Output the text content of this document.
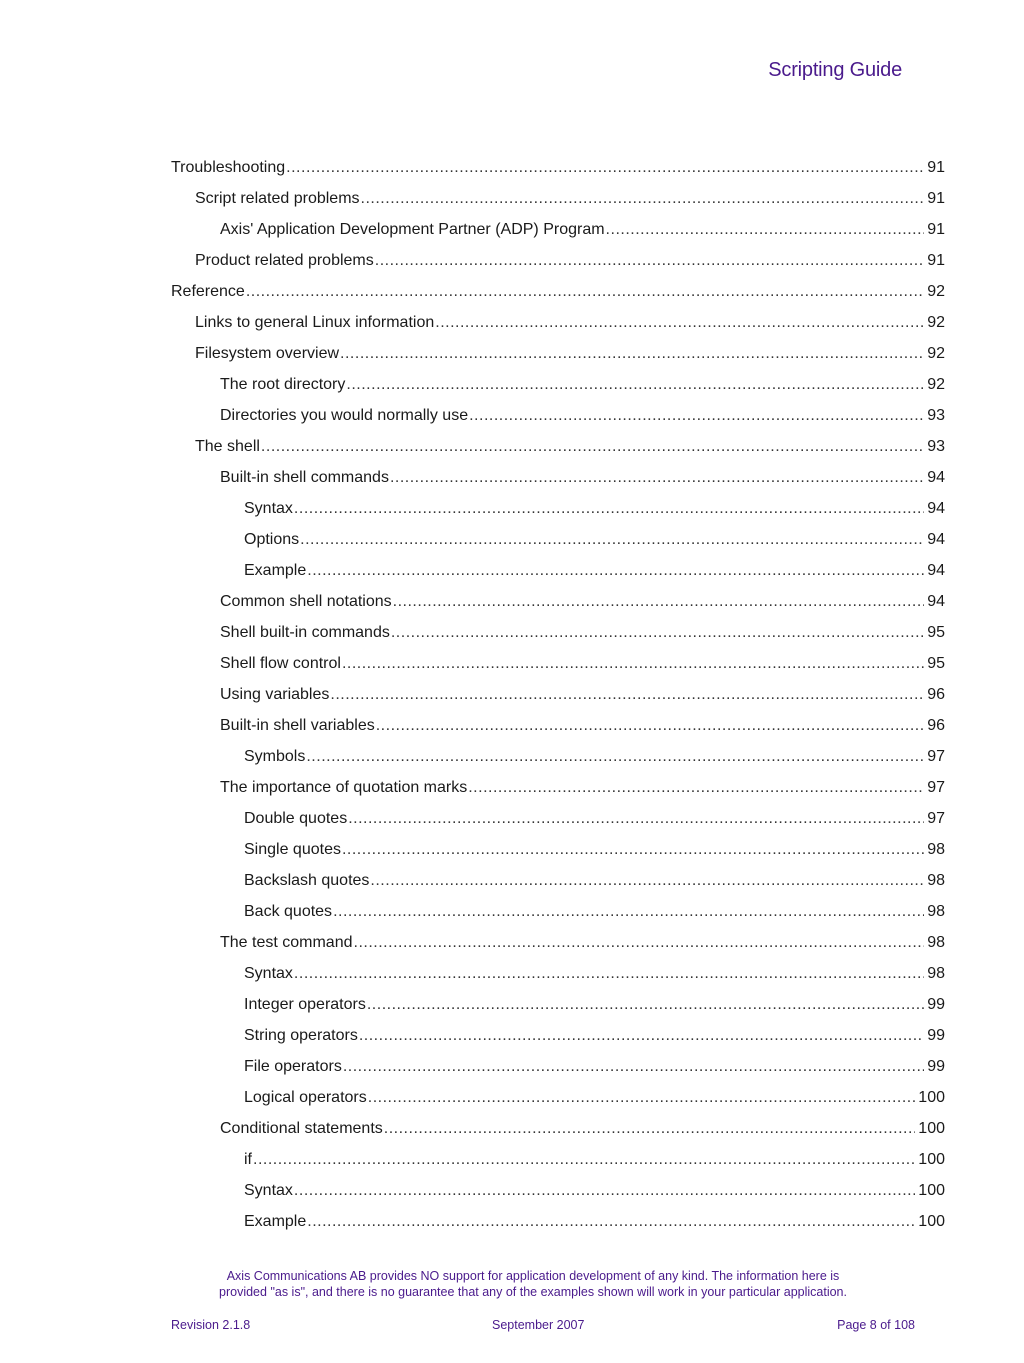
Scripting Guide
Troubleshooting .....	91
Script related problems .....	91
Axis' Application Development Partner (ADP) Program .....	91
Product related problems .....	91
Reference .....	92
Links to general Linux information .....	92
Filesystem overview .....	92
The root directory .....	92
Directories you would normally use .....	93
The shell .....	93
Built-in shell commands .....	94
Syntax .....	94
Options .....	94
Example .....	94
Common shell notations .....	94
Shell built-in commands .....	95
Shell flow control .....	95
Using variables .....	96
Built-in shell variables .....	96
Symbols .....	97
The importance of quotation marks .....	97
Double quotes .....	97
Single quotes .....	98
Backslash quotes .....	98
Back quotes .....	98
The test command .....	98
Syntax .....	98
Integer operators .....	99
String operators .....	99
File operators .....	99
Logical operators .....	100
Conditional statements .....	100
if .....	100
Syntax .....	100
Example .....	100
Axis Communications AB provides NO support for application development of any kind. The information here is
provided "as is", and there is no guarantee that any of the examples shown will work in your particular application.
Revision 2.1.8	September 2007	Page 8 of 108
